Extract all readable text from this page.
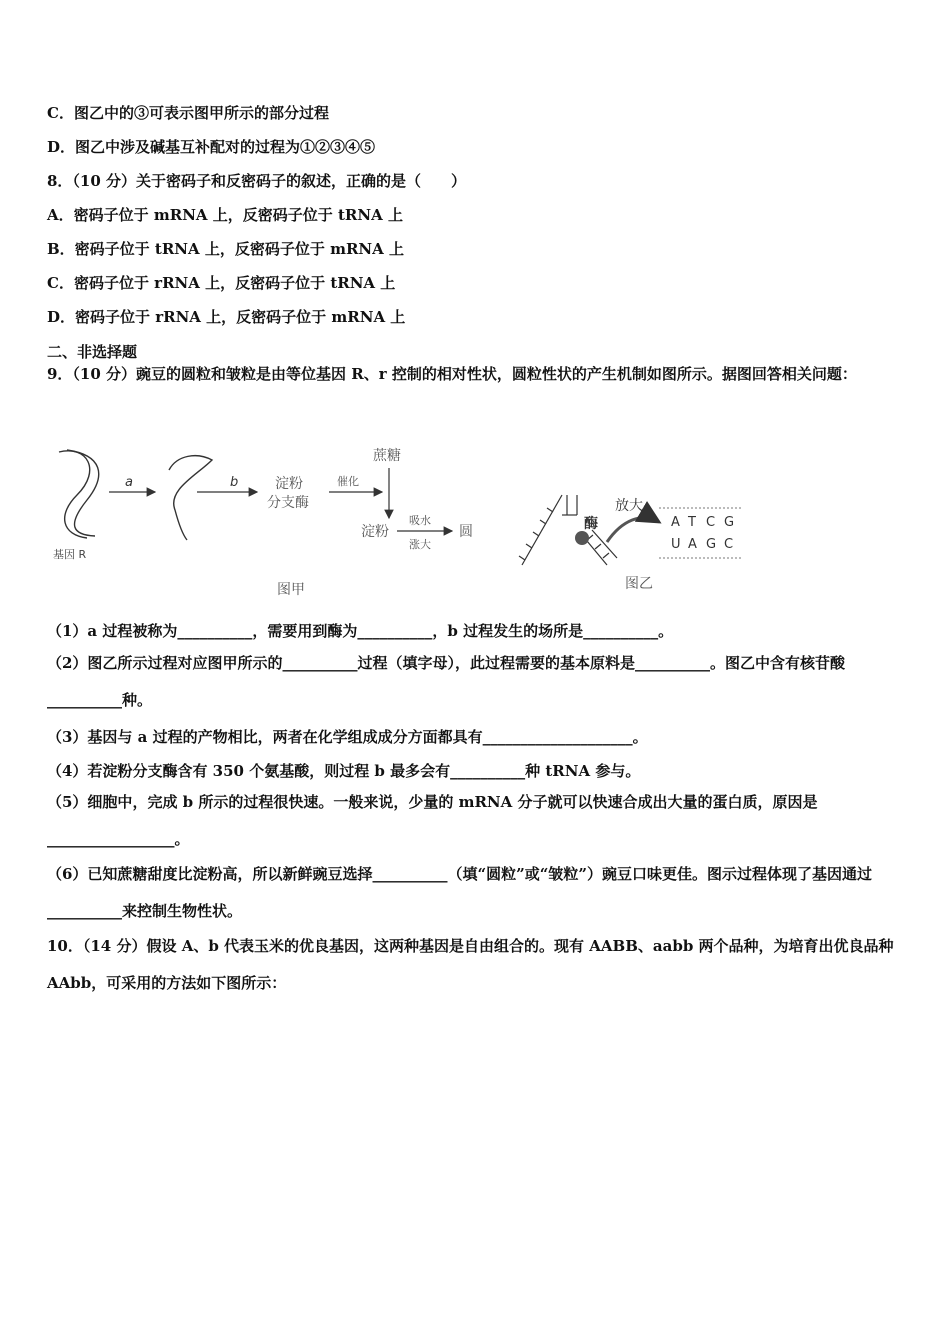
C．图乙中的③可表示图甲所示的部分过程
D．图乙中涉及碱基互补配对的过程为①②③④⑤
8．（10 分）关于密码子和反密码子的叙述，正确的是（　　）
A．密码子位于 mRNA 上，反密码子位于 tRNA 上
B．密码子位于 tRNA 上，反密码子位于 mRNA 上
C．密码子位于 rRNA 上，反密码子位于 tRNA 上
D．密码子位于 rRNA 上，反密码子位于 mRNA 上
二、非选择题
9．（10 分）豌豆的圆粒和皱粒是由等位基因 R、r 控制的相对性状，圆粒性状的产生机制如图所示。据图回答相关问题：
基因 R
a	b	淀粉
分支酶
催化
蔗糖
淀粉
吸水
涨大
圆
图甲
酶
放大
A T C G
U A G C
图乙
（1）a 过程被称为__________，需要用到酶为__________，b 过程发生的场所是__________。
（2）图乙所示过程对应图甲所示的__________过程（填字母），此过程需要的基本原料是__________。图乙中含有核苷酸__________种。
（3）基因与 a 过程的产物相比，两者在化学组成成分方面都具有____________________。
（4）若淀粉分支酶含有 350 个氨基酸，则过程 b 最多会有__________种 tRNA 参与。
（5）细胞中，完成 b 所示的过程很快速。一般来说，少量的 mRNA 分子就可以快速合成出大量的蛋白质，原因是_________________。
（6）已知蔗糖甜度比淀粉高，所以新鲜豌豆选择__________（填“圆粒”或“皱粒”）豌豆口味更佳。图示过程体现了基因通过__________来控制生物性状。
10．（14 分）假设 A、b 代表玉米的优良基因，这两种基因是自由组合的。现有 AABB、aabb 两个品种，为培育出优良品种 AAbb，可采用的方法如下图所示：
